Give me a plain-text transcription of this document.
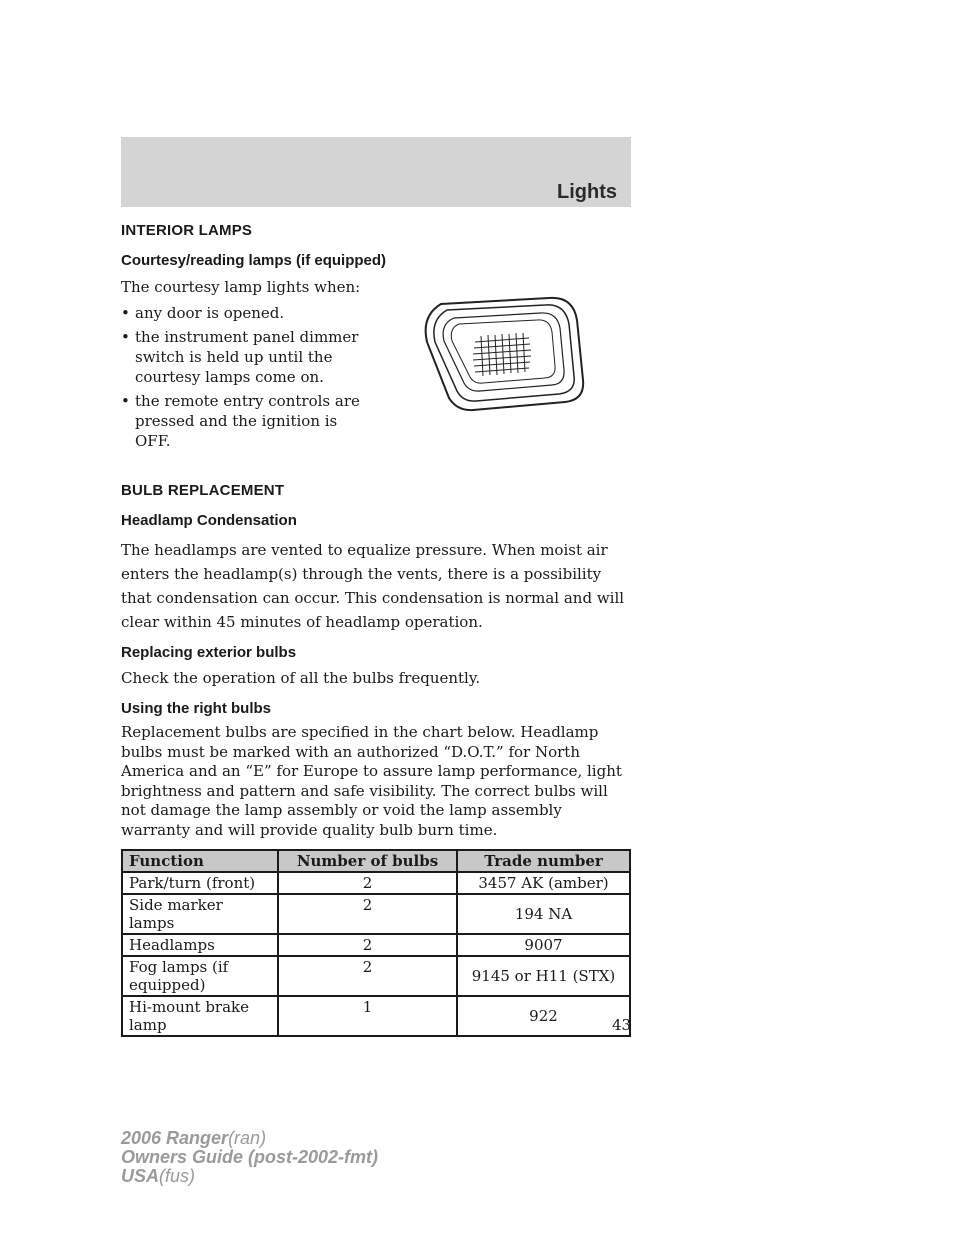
Lights
INTERIOR LAMPS
Courtesy/reading lamps (if equipped)

The courtesy lamp lights when:

• any door is opened.
• the instrument panel dimmer switch is held up until the courtesy lamps come on.
• the remote entry controls are pressed and the ignition is OFF.
BULB REPLACEMENT
Headlamp Condensation

The headlamps are vented to equalize pressure. When moist air enters the headlamp(s) through the vents, there is a possibility that condensation can occur. This condensation is normal and will clear within 45 minutes of headlamp operation.

Replacing exterior bulbs

Check the operation of all the bulbs frequently.

Using the right bulbs

Replacement bulbs are specified in the chart below. Headlamp bulbs must be marked with an authorized “D.O.T.” for North America and an “E” for Europe to assure lamp performance, light brightness and pattern and safe visibility. The correct bulbs will not damage the lamp assembly or void the lamp assembly warranty and will provide quality bulb burn time.

Function	Number of bulbs	Trade number
Park/turn (front)	2	3457 AK (amber)
Side marker lamps	2	194 NA
Headlamps	2	9007
Fog lamps (if equipped)	2	9145 or H11 (STX)
Hi-mount brake lamp	1	922	43
2006 Ranger(ran)
Owners Guide (post-2002-fmt)
USA(fus)
